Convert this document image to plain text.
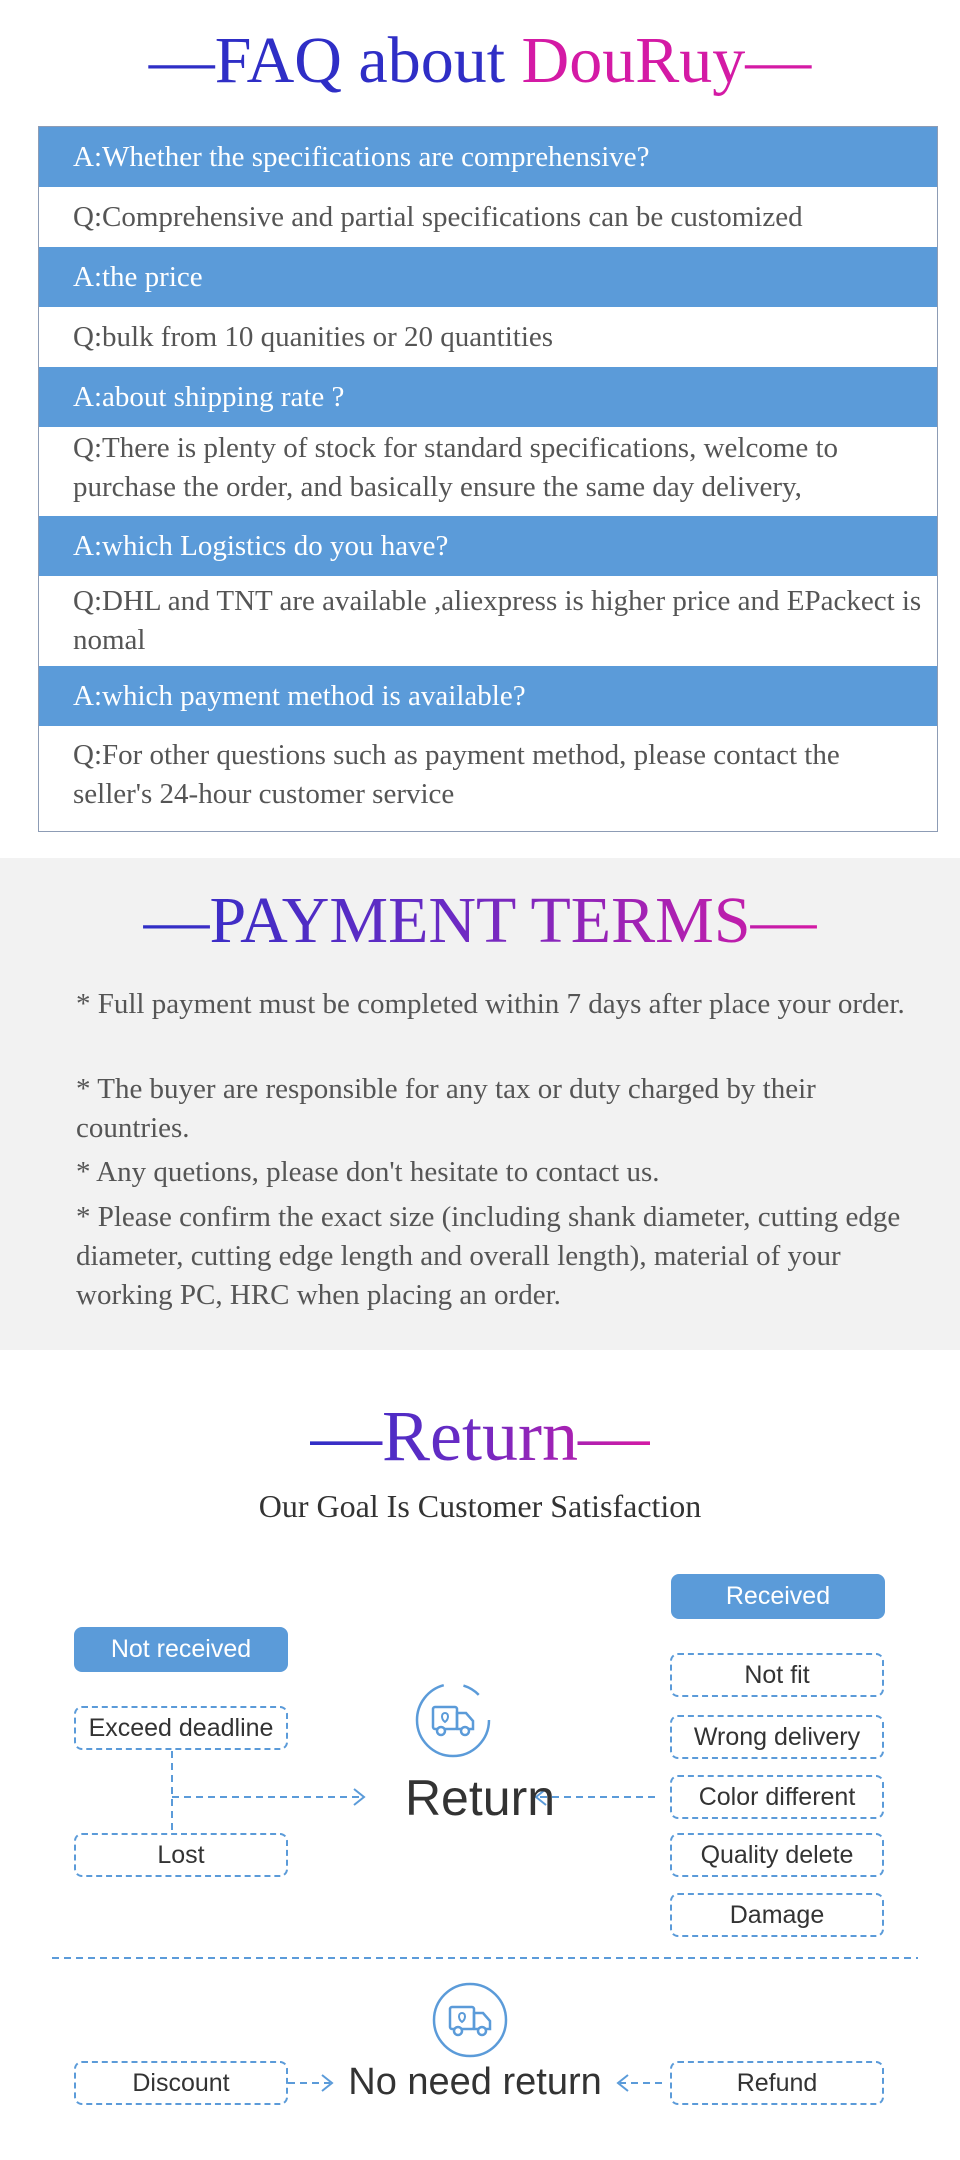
—FAQ about DouRuy—
A:Whether the specifications are comprehensive?
Q:Comprehensive and partial specifications can be customized
A:the price
Q:bulk from 10 quanities or 20 quantities
A:about shipping rate ?
Q:There is plenty of stock for standard specifications, welcome to purchase the order, and basically ensure the same day delivery,
A:which Logistics do you have?
Q:DHL and TNT are available ,aliexpress is higher price and EPackect is nomal
A:which payment method is available?
Q:For other questions such as payment method, please contact the seller's 24-hour customer service
—PAYMENT TERMS—
* Full payment must be completed within 7 days after place your order.
* The buyer are responsible for any tax or duty charged by their countries.
* Any quetions, please don't hesitate to contact us.
* Please confirm the exact size (including shank diameter, cutting edge diameter, cutting edge length and overall length), material of your working PC, HRC when placing an order.
—Return—
Our Goal Is Customer Satisfaction
Not received
Exceed deadline
Lost
Return
Received
Not fit
Wrong delivery
Color different
Quality delete
Damage
Discount	No need return	Refund
